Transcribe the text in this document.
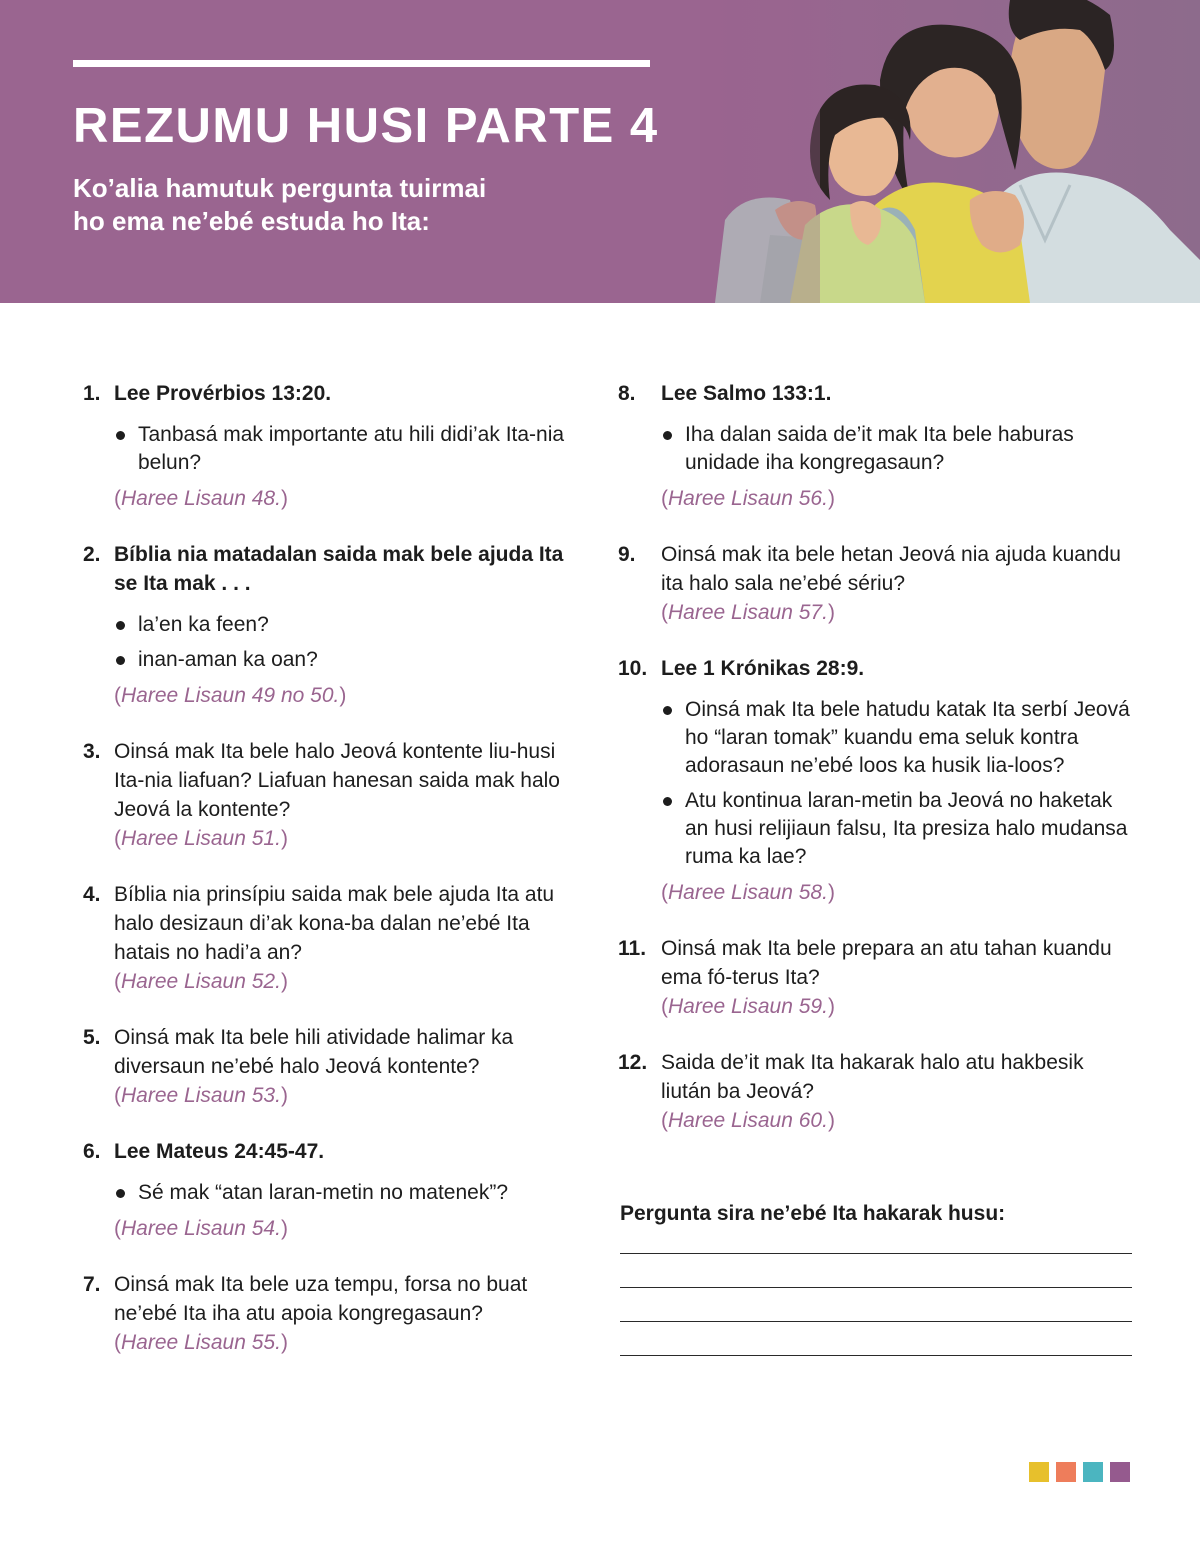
REZUMU HUSI PARTE 4
Ko’alia hamutuk pergunta tuirmai
ho ema ne’ebé estuda ho Ita:
1. Lee Provérbios 13:20.
Tanbasá mak importante atu hili didi’ak Ita-nia belun?
(Haree Lisaun 48.)
2. Bíblia nia matadalan saida mak bele ajuda Ita se Ita mak . . .
la’en ka feen?
inan-aman ka oan?
(Haree Lisaun 49 no 50.)
3. Oinsá mak Ita bele halo Jeová kontente liu-husi Ita-nia liafuan? Liafuan hanesan saida mak halo Jeová la kontente?
(Haree Lisaun 51.)
4. Bíblia nia prinsípiu saida mak bele ajuda Ita atu halo desizaun di’ak kona-ba dalan ne’ebé Ita hatais no hadi’a an?
(Haree Lisaun 52.)
5. Oinsá mak Ita bele hili atividade halimar ka diversaun ne’ebé halo Jeová kontente?
(Haree Lisaun 53.)
6. Lee Mateus 24:45-47.
Sé mak “atan laran-metin no matenek”?
(Haree Lisaun 54.)
7. Oinsá mak Ita bele uza tempu, forsa no buat ne’ebé Ita iha atu apoia kongregasaun?
(Haree Lisaun 55.)
8. Lee Salmo 133:1.
Iha dalan saida de’it mak Ita bele haburas unidade iha kongregasaun?
(Haree Lisaun 56.)
9. Oinsá mak ita bele hetan Jeová nia ajuda kuandu ita halo sala ne’ebé sériu?
(Haree Lisaun 57.)
10. Lee 1 Krónikas 28:9.
Oinsá mak Ita bele hatudu katak Ita serbí Jeová ho “laran tomak” kuandu ema seluk kontra adorasaun ne’ebé loos ka husik lia-loos?
Atu kontinua laran-metin ba Jeová no haketak an husi relijiaun falsu, Ita presiza halo mudansa ruma ka lae?
(Haree Lisaun 58.)
11. Oinsá mak Ita bele prepara an atu tahan kuandu ema fó-terus Ita?
(Haree Lisaun 59.)
12. Saida de’it mak Ita hakarak halo atu hakbesik liután ba Jeová?
(Haree Lisaun 60.)
Pergunta sira ne’ebé Ita hakarak husu:
